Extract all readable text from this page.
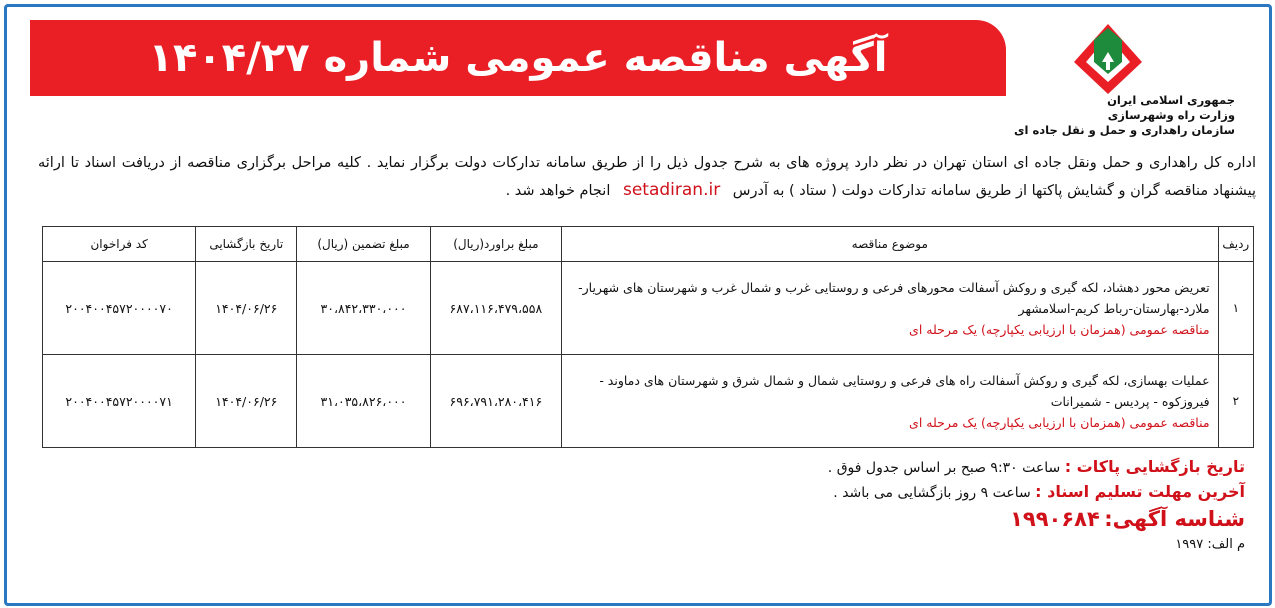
آگهی مناقصه عمومی شماره ۱۴۰۴/۲۷
جمهوری اسلامی ایران
وزارت راه وشهرسازی
سازمان راهداری و حمل و نقل جاده ای
اداره کل راهداری و حمل ونقل جاده ای استان تهران در نظر دارد پروژه های به شرح جدول ذیل را از طریق سامانه تدارکات دولت برگزار نماید . کلیه مراحل برگزاری مناقصه از دریافت اسناد تا ارائه پیشنهاد مناقصه گران و گشایش پاکتها از طریق سامانه تدارکات دولت ( ستاد ) به آدرس setadiran.ir انجام خواهد شد .
ردیف	موضوع مناقصه	مبلغ براورد(ریال)	مبلغ تضمین (ریال)	تاریخ بازگشایی	کد فراخوان
۱	تعریض محور دهشاد، لکه گیری و روکش آسفالت محورهای فرعی و روستایی غرب و شمال غرب و شهرستان های شهریار-ملارد-بهارستان-رباط کریم-اسلامشهر
مناقصه عمومی (همزمان با ارزیابی یکپارچه) یک مرحله ای	۶۸۷،۱۱۶،۴۷۹،۵۵۸	۳۰،۸۴۲،۳۳۰،۰۰۰	۱۴۰۴/۰۶/۲۶	۲۰۰۴۰۰۴۵۷۲۰۰۰۰۷۰
۲	عملیات بهسازی، لکه گیری و روکش آسفالت راه های فرعی و روستایی شمال و شمال شرق و شهرستان های دماوند - فیروزکوه - پردیس - شمیرانات
مناقصه عمومی (همزمان با ارزیابی یکپارچه) یک مرحله ای	۶۹۶،۷۹۱،۲۸۰،۴۱۶	۳۱،۰۳۵،۸۲۶،۰۰۰	۱۴۰۴/۰۶/۲۶	۲۰۰۴۰۰۴۵۷۲۰۰۰۰۷۱
تاریخ بازگشایی پاکات : ساعت ۹:۳۰ صبح بر اساس جدول فوق .
آخرین مهلت تسلیم اسناد : ساعت ۹ روز بازگشایی می باشد .
شناسه آگهی: ۱۹۹۰۶۸۴
م الف: ۱۹۹۷
